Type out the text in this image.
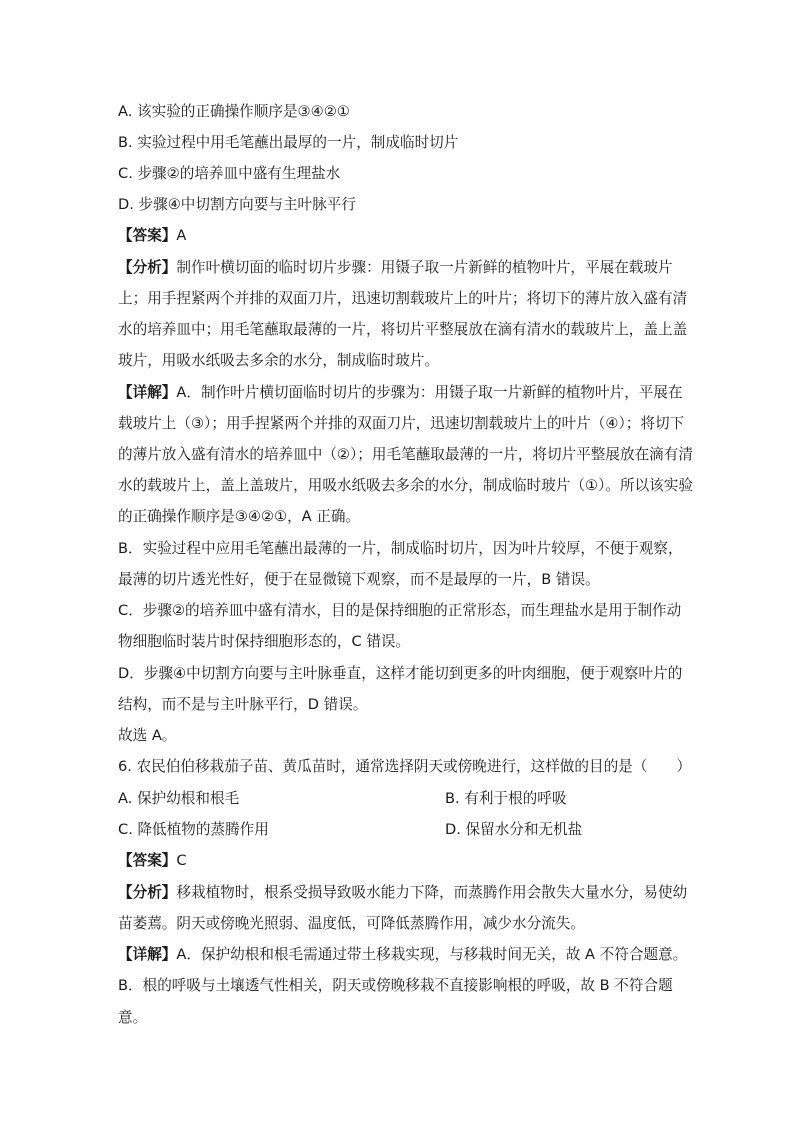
A. 该实验的正确操作顺序是③④②①
B. 实验过程中用毛笔蘸出最厚的一片，制成临时切片
C. 步骤②的培养皿中盛有生理盐水
D. 步骤④中切割方向要与主叶脉平行
【答案】A
【分析】制作叶横切面的临时切片步骤：用镊子取一片新鲜的植物叶片，平展在载玻片
上；用手捏紧两个并排的双面刀片，迅速切割载玻片上的叶片；将切下的薄片放入盛有清
水的培养皿中；用毛笔蘸取最薄的一片，将切片平整展放在滴有清水的载玻片上，盖上盖
玻片，用吸水纸吸去多余的水分，制成临时玻片。
【详解】A．制作叶片横切面临时切片的步骤为：用镊子取一片新鲜的植物叶片，平展在
载玻片上（③）；用手捏紧两个并排的双面刀片，迅速切割载玻片上的叶片（④）；将切下
的薄片放入盛有清水的培养皿中（②）；用毛笔蘸取最薄的一片，将切片平整展放在滴有清
水的载玻片上，盖上盖玻片，用吸水纸吸去多余的水分，制成临时玻片（①）。所以该实验
的正确操作顺序是③④②①，A 正确。
B．实验过程中应用毛笔蘸出最薄的一片，制成临时切片，因为叶片较厚，不便于观察，
最薄的切片透光性好，便于在显微镜下观察，而不是最厚的一片，B 错误。
C．步骤②的培养皿中盛有清水，目的是保持细胞的正常形态，而生理盐水是用于制作动
物细胞临时装片时保持细胞形态的，C 错误。
D．步骤④中切割方向要与主叶脉垂直，这样才能切到更多的叶肉细胞，便于观察叶片的
结构，而不是与主叶脉平行，D 错误。
故选 A。
6. 农民伯伯移栽茄子苗、黄瓜苗时，通常选择阴天或傍晚进行，这样做的目的是（　　）
A. 保护幼根和根毛	B. 有利于根的呼吸
C. 降低植物的蒸腾作用	D. 保留水分和无机盐
【答案】C
【分析】移栽植物时，根系受损导致吸水能力下降，而蒸腾作用会散失大量水分，易使幼
苗萎蔫。阴天或傍晚光照弱、温度低，可降低蒸腾作用，减少水分流失。
【详解】A．保护幼根和根毛需通过带土移栽实现，与移栽时间无关，故 A 不符合题意。
B．根的呼吸与土壤透气性相关，阴天或傍晚移栽不直接影响根的呼吸，故 B 不符合题
意。
